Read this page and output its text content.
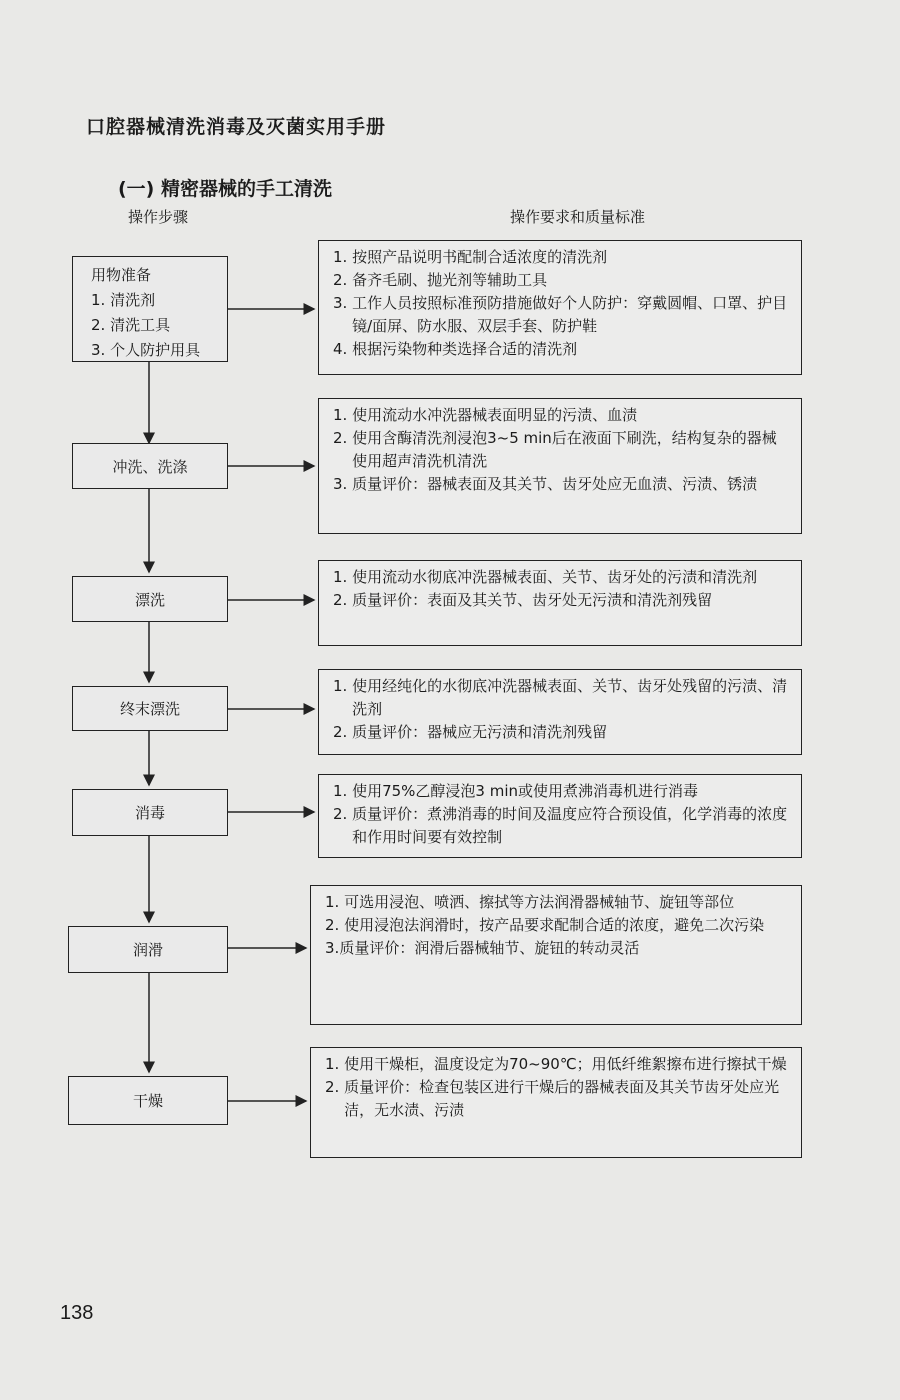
口腔器械清洗消毒及灭菌实用手册
(一) 精密器械的手工清洗
操作步骤	操作要求和质量标准
用物准备
1. 清洗剂
2. 清洗工具
3. 个人防护用具
冲洗、洗涤
漂洗
终末漂洗
消毒
润滑
干燥
1. 按照产品说明书配制合适浓度的清洗剂
2. 备齐毛刷、抛光剂等辅助工具
3. 工作人员按照标准预防措施做好个人防护：穿戴圆帽、口罩、护目镜/面屏、防水服、双层手套、防护鞋
4. 根据污染物种类选择合适的清洗剂
1. 使用流动水冲洗器械表面明显的污渍、血渍
2. 使用含酶清洗剂浸泡3~5 min后在液面下刷洗，结构复杂的器械使用超声清洗机清洗
3. 质量评价：器械表面及其关节、齿牙处应无血渍、污渍、锈渍
1. 使用流动水彻底冲洗器械表面、关节、齿牙处的污渍和清洗剂
2. 质量评价：表面及其关节、齿牙处无污渍和清洗剂残留
1. 使用经纯化的水彻底冲洗器械表面、关节、齿牙处残留的污渍、清洗剂
2. 质量评价：器械应无污渍和清洗剂残留
1. 使用75%乙醇浸泡3 min或使用煮沸消毒机进行消毒
2. 质量评价：煮沸消毒的时间及温度应符合预设值，化学消毒的浓度和作用时间要有效控制
1. 可选用浸泡、喷洒、擦拭等方法润滑器械轴节、旋钮等部位
2. 使用浸泡法润滑时，按产品要求配制合适的浓度，避免二次污染
3. 质量评价：润滑后器械轴节、旋钮的转动灵活
1. 使用干燥柜，温度设定为70~90℃；用低纤维絮擦布进行擦拭干燥
2. 质量评价：检查包装区进行干燥后的器械表面及其关节齿牙处应光洁，无水渍、污渍
138
